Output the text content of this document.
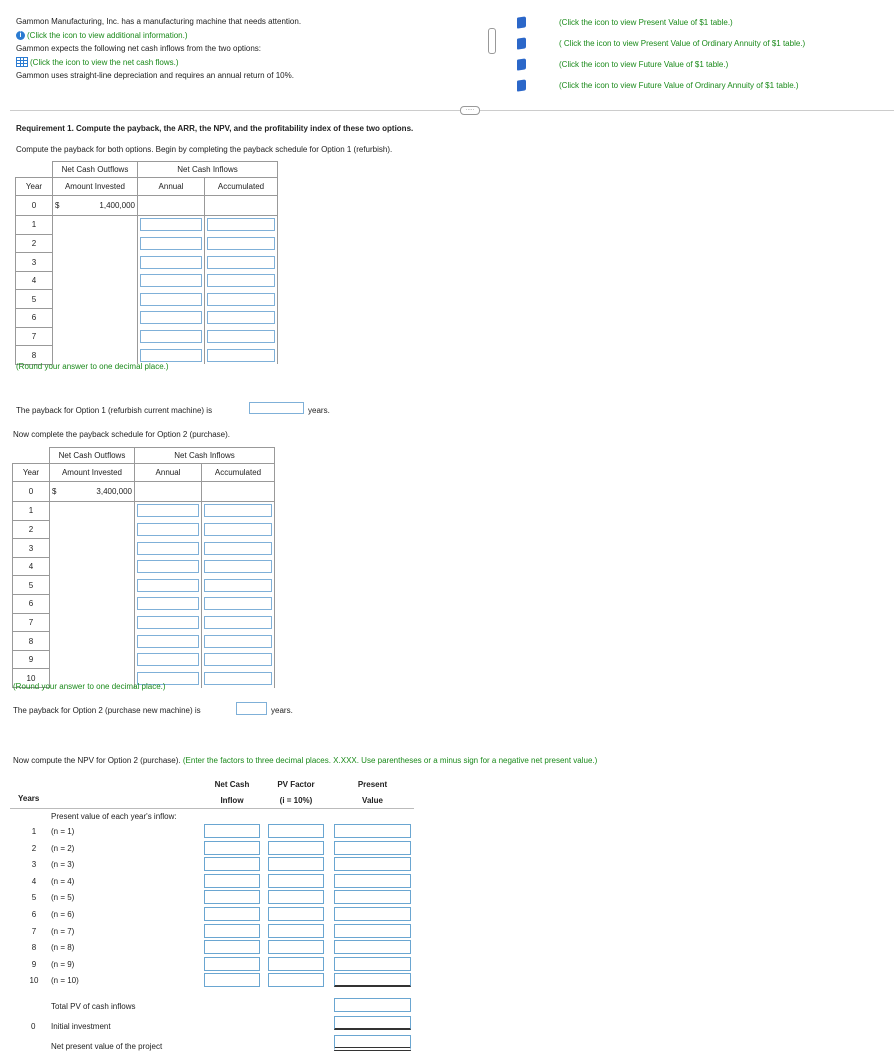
Gammon Manufacturing, Inc. has a manufacturing machine that needs attention.
i (Click the icon to view additional information.)
Gammon expects the following net cash inflows from the two options:
(Click the icon to view the net cash flows.)
Gammon uses straight-line depreciation and requires an annual return of 10%.
(Click the icon to view Present Value of $1 table.)
( Click the icon to view Present Value of Ordinary Annuity of $1 table.)
(Click the icon to view Future Value of $1 table.)
(Click the icon to view Future Value of Ordinary Annuity of $1 table.)
·····
Requirement 1. Compute the payback, the ARR, the NPV, and the profitability index of these two options.
Compute the payback for both options. Begin by completing the payback schedule for Option 1 (refurbish).
	Net Cash Outflows	Net Cash Inflows	
Year	Amount Invested	Annual	Accumulated
0	$ 1,400,000		

1		

2		

3		

4		

5		

6		

7		

8		

(Round your answer to one decimal place.)
The payback for Option 1 (refurbish current machine) is	years.
Now complete the payback schedule for Option 2 (purchase).
	Net Cash Outflows	Net Cash Inflows	
Year	Amount Invested	Annual	Accumulated
0	$ 3,400,000		

1		

2		

3		

4		

5		

6		

7		

8		

9		

10		

(Round your answer to one decimal place.)
The payback for Option 2 (purchase new machine) is	years.
Now compute the NPV for Option 2 (purchase). (Enter the factors to three decimal places. X.XXX. Use parentheses or a minus sign for a negative net present value.)
Net Cash
Inflow
PV Factor
(i = 10%)
Present
Value
Years
Present value of each year's inflow:
1	(n = 1)
2	(n = 2)
3	(n = 3)
4	(n = 4)
5	(n = 5)
6	(n = 6)
7	(n = 7)
8	(n = 8)
9	(n = 9)
10 (n = 10)
Total PV of cash inflows
0 Initial investment
Net present value of the project
